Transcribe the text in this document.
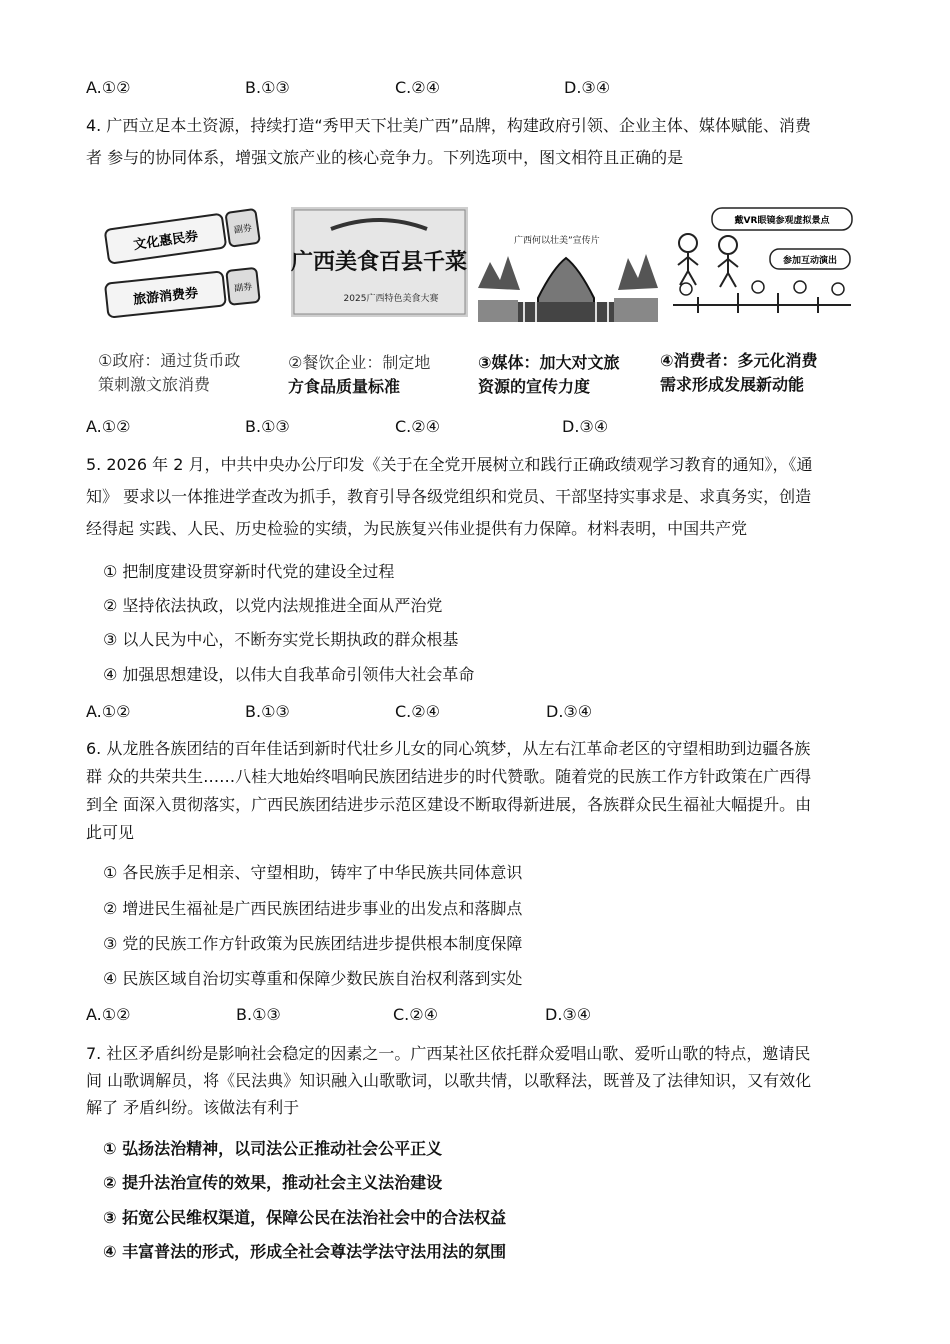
A.①②	B.①③	C.②④	D.③④
4. 广西立足本土资源，持续打造“秀甲天下壮美广西”品牌，构建政府引领、企业主体、媒体赋能、消费
者 参与的协同体系，增强文旅产业的核心竞争力。下列选项中，图文相符且正确的是
文化惠民券	副券
旅游消费券	副券
广西美食百县千菜
2025广西特色美食大赛
广西何以壮美”宣传片
戴VR眼镜参观虚拟景点
参加互动演出
①政府：通过货币政
策刺激文旅消费
②餐饮企业：制定地
方食品质量标准
③媒体：加大对文旅
资源的宣传力度
④消费者：多元化消费
需求形成发展新动能
A.①②	B.①③	C.②④	D.③④
5. 2026 年 2 月，中共中央办公厅印发《关于在全党开展树立和践行正确政绩观学习教育的通知》，《通
知》 要求以一体推进学查改为抓手，教育引导各级党组织和党员、干部坚持实事求是、求真务实，创造
经得起 实践、人民、历史检验的实绩，为民族复兴伟业提供有力保障。材料表明，中国共产党
① 把制度建设贯穿新时代党的建设全过程
② 坚持依法执政，以党内法规推进全面从严治党
③ 以人民为中心，不断夯实党长期执政的群众根基
④ 加强思想建设，以伟大自我革命引领伟大社会革命
A.①②	B.①③	C.②④	D.③④
6. 从龙胜各族团结的百年佳话到新时代壮乡儿女的同心筑梦，从左右江革命老区的守望相助到边疆各族
群 众的共荣共生……八桂大地始终唱响民族团结进步的时代赞歌。随着党的民族工作方针政策在广西得
到全 面深入贯彻落实，广西民族团结进步示范区建设不断取得新进展，各族群众民生福祉大幅提升。由
此可见
① 各民族手足相亲、守望相助，铸牢了中华民族共同体意识
② 增进民生福祉是广西民族团结进步事业的出发点和落脚点
③ 党的民族工作方针政策为民族团结进步提供根本制度保障
④ 民族区域自治切实尊重和保障少数民族自治权利落到实处
A.①②	B.①③	C.②④	D.③④
7. 社区矛盾纠纷是影响社会稳定的因素之一。广西某社区依托群众爱唱山歌、爱听山歌的特点，邀请民
间 山歌调解员，将《民法典》知识融入山歌歌词，以歌共情，以歌释法，既普及了法律知识，又有效化
解了 矛盾纠纷。该做法有利于
① 弘扬法治精神，以司法公正推动社会公平正义
② 提升法治宣传的效果，推动社会主义法治建设
③ 拓宽公民维权渠道，保障公民在法治社会中的合法权益
④ 丰富普法的形式，形成全社会尊法学法守法用法的氛围
